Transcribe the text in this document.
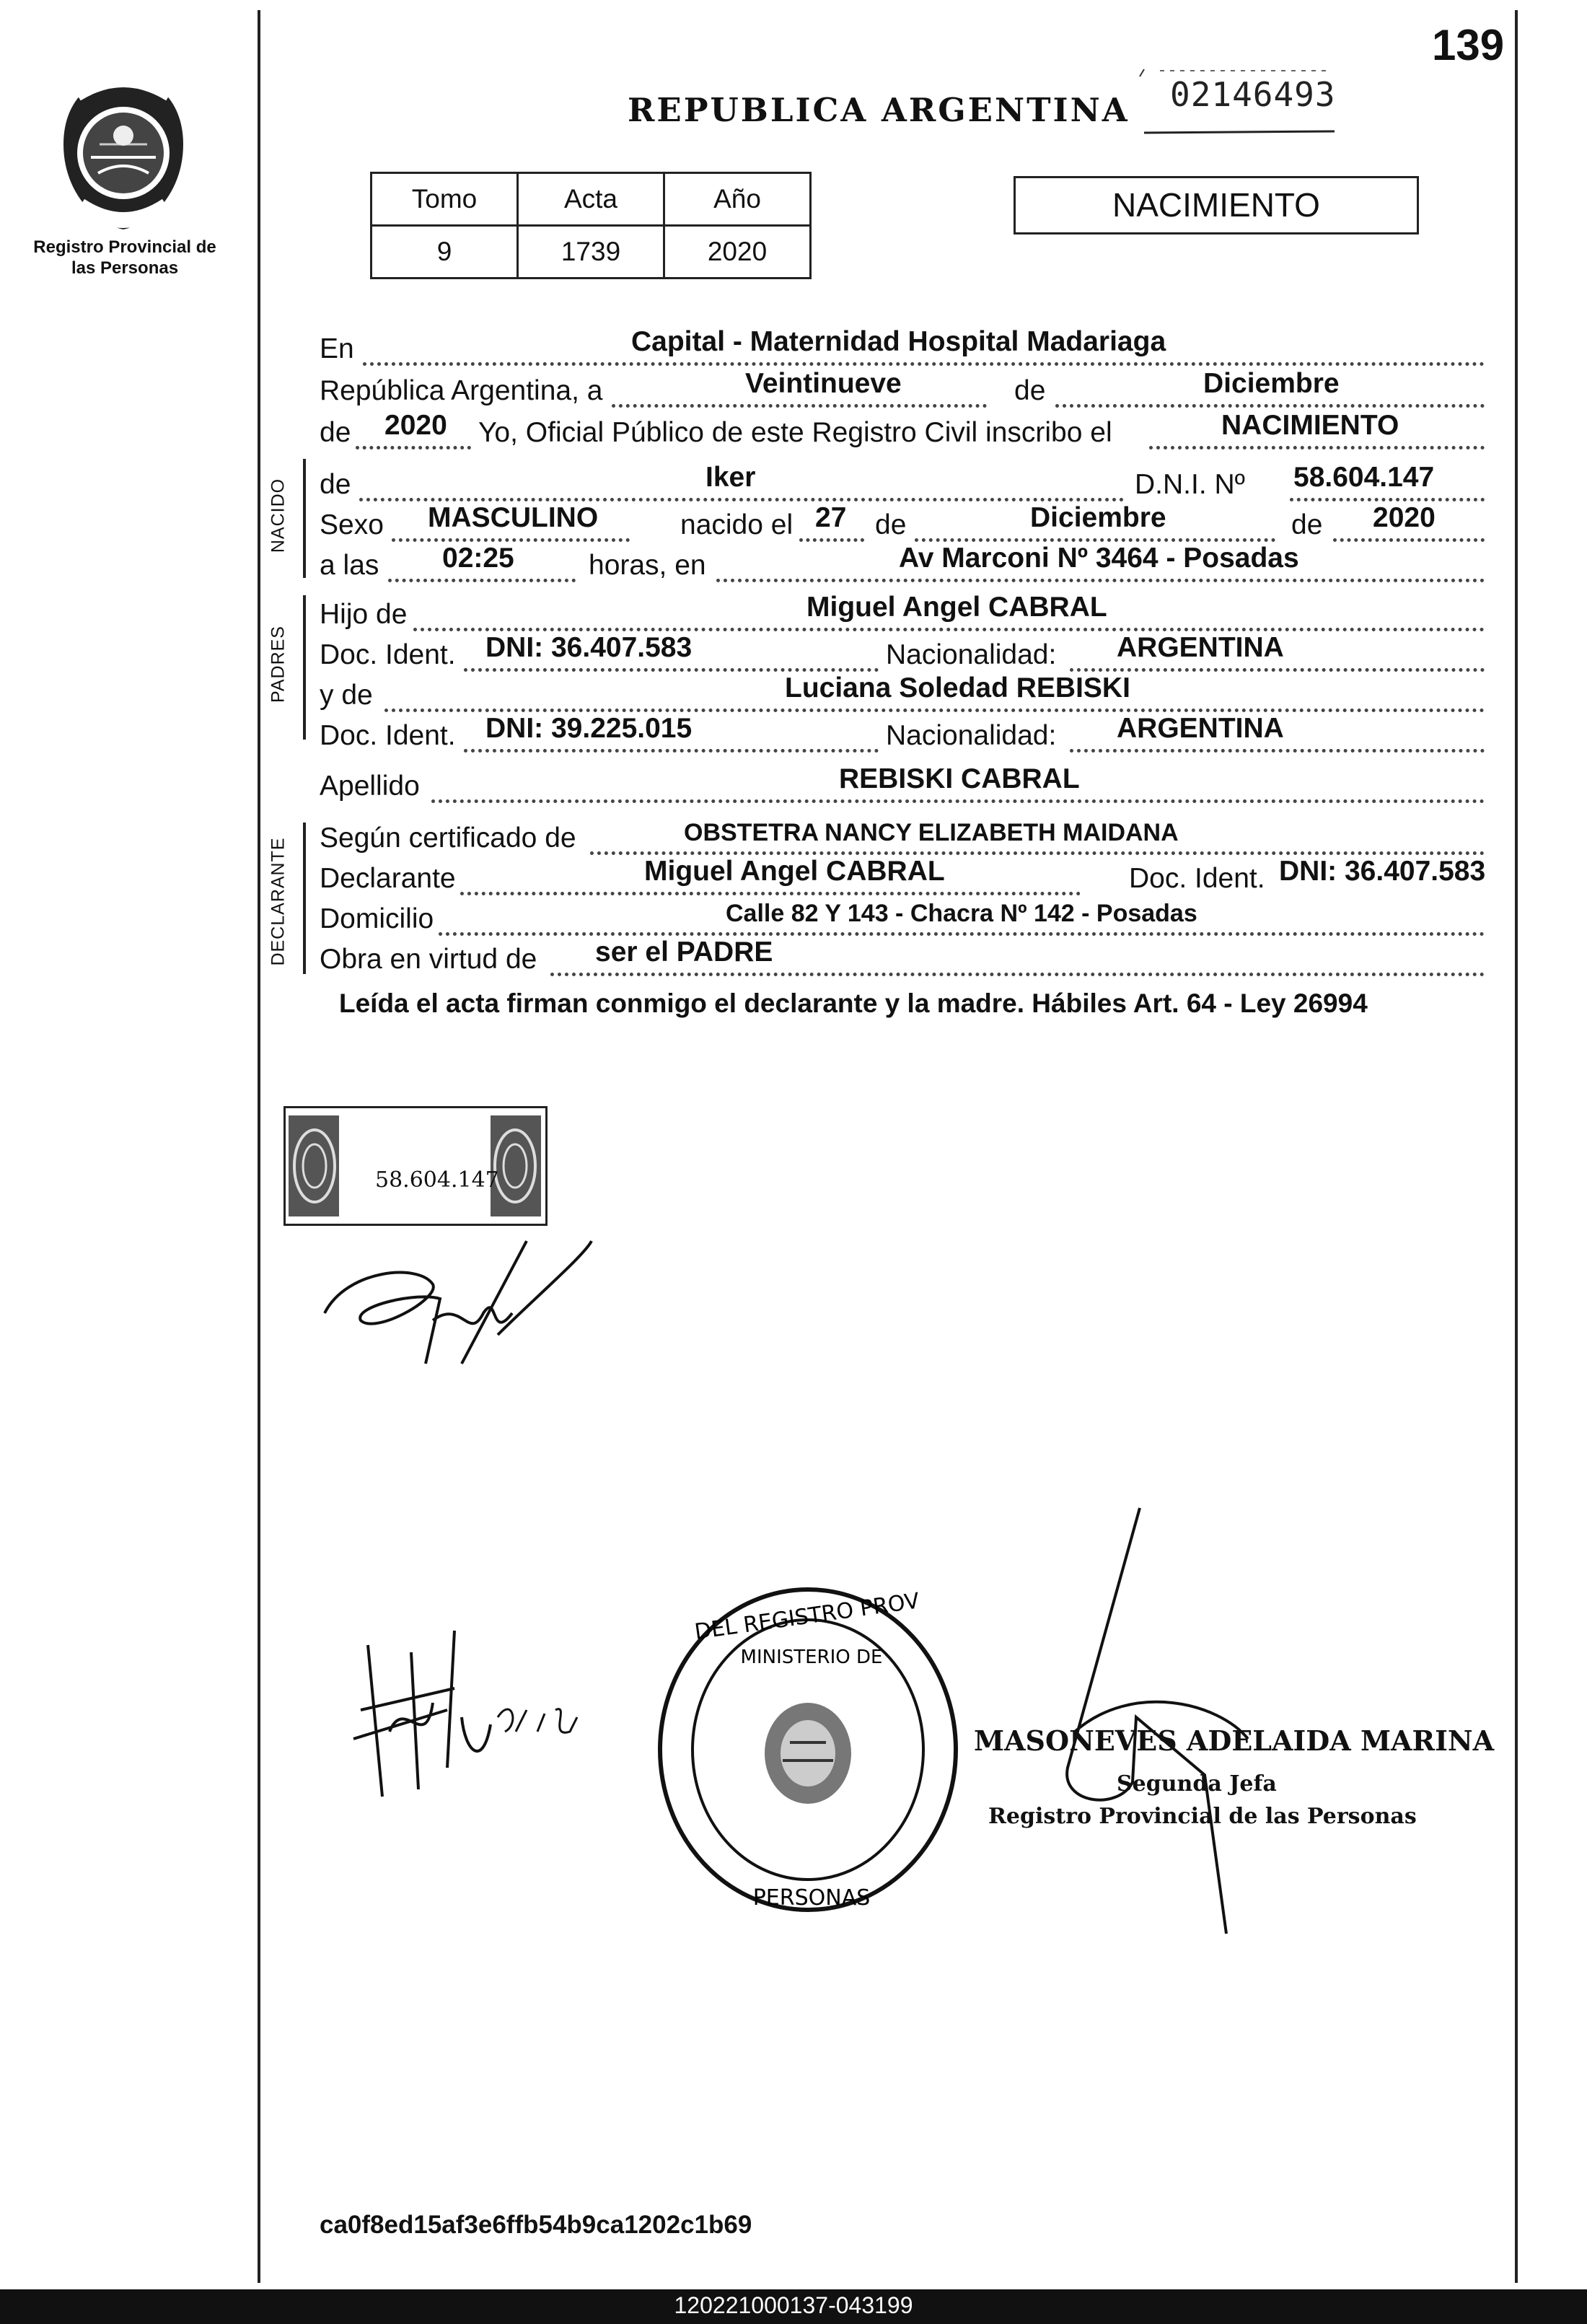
139
Registro Provincial de las Personas
REPUBLICA ARGENTINA 02146493
Tomo	Acta	Año
9	1739	2020
NACIMIENTO
En	Capital - Maternidad Hospital Madariaga
República Argentina, a	Veintinueve	de	Diciembre
de 2020 Yo, Oficial Público de este Registro Civil inscribo el	NACIMIENTO
NACIDO de	Iker	D.N.I. Nº 58.604.147
Sexo MASCULINO	nacido el 27 de	Diciembre	de 2020
a las 02:25	horas, en	Av Marconi Nº 3464 - Posadas
PADRES
Hijo de	Miguel Angel CABRAL
Doc. Ident. DNI: 36.407.583	Nacionalidad: ARGENTINA
y de	Luciana Soledad REBISKI
Doc. Ident. DNI: 39.225.015	Nacionalidad: ARGENTINA
Apellido	REBISKI CABRAL
DECLARANTE Según certificado de	OBSTETRA NANCY ELIZABETH MAIDANA
Declarante	Miguel Angel CABRAL	Doc. Ident. DNI: 36.407.583
Domicilio	Calle 82 Y 143 - Chacra Nº 142 - Posadas
Obra en virtud de ser el PADRE
Leída el acta firman conmigo el declarante y la madre. Hábiles Art. 64 - Ley 26994
58.604.147
DEL REGISTRO PROV
PERSONAS
MINISTERIO DE
MASONEVES ADELAIDA MARINA
Segunda Jefa
Registro Provincial de las Personas
ca0f8ed15af3e6ffb54b9ca1202c1b69
120221000137-043199
